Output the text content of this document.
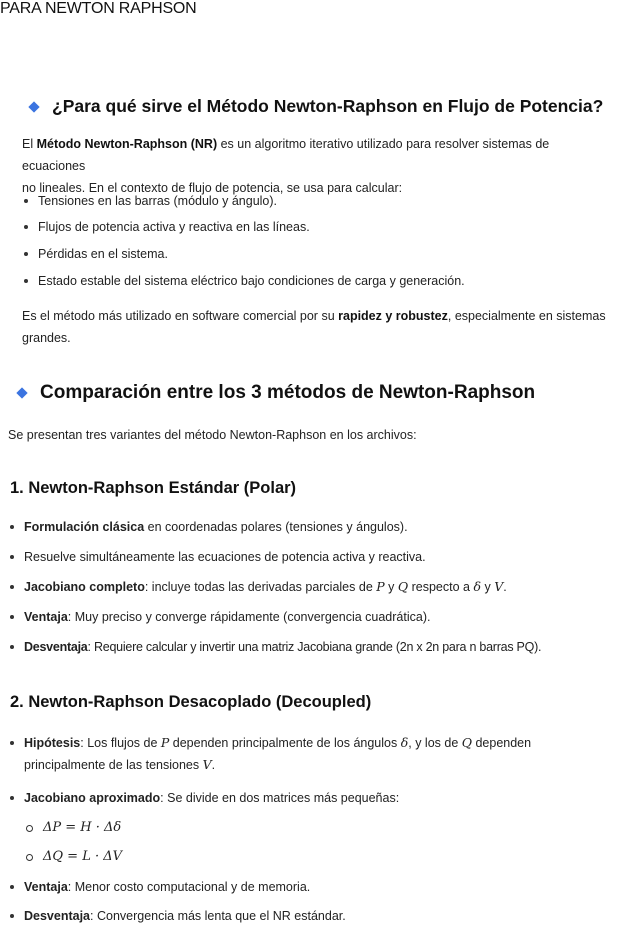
PARA NEWTON RAPHSON
¿Para qué sirve el Método Newton-Raphson en Flujo de Potencia?
El Método Newton-Raphson (NR) es un algoritmo iterativo utilizado para resolver sistemas de ecuaciones
no lineales. En el contexto de flujo de potencia, se usa para calcular:
Tensiones en las barras (módulo y ángulo).
Flujos de potencia activa y reactiva en las líneas.
Pérdidas en el sistema.
Estado estable del sistema eléctrico bajo condiciones de carga y generación.
Es el método más utilizado en software comercial por su rapidez y robustez, especialmente en sistemas
grandes.
Comparación entre los 3 métodos de Newton-Raphson
Se presentan tres variantes del método Newton-Raphson en los archivos:
1. Newton-Raphson Estándar (Polar)
Formulación clásica en coordenadas polares (tensiones y ángulos).
Resuelve simultáneamente las ecuaciones de potencia activa y reactiva.
Jacobiano completo: incluye todas las derivadas parciales de P y Q respecto a δ y V.
Ventaja: Muy preciso y converge rápidamente (convergencia cuadrática).
Desventaja: Requiere calcular y invertir una matriz Jacobiana grande (2n x 2n para n barras PQ).
2. Newton-Raphson Desacoplado (Decoupled)
Hipótesis: Los flujos de P dependen principalmente de los ángulos δ, y los de Q dependen
principalmente de las tensiones V.
Jacobiano aproximado: Se divide en dos matrices más pequeñas:
ΔP = H · Δδ
ΔQ = L · ΔV
Ventaja: Menor costo computacional y de memoria.
Desventaja: Convergencia más lenta que el NR estándar.
